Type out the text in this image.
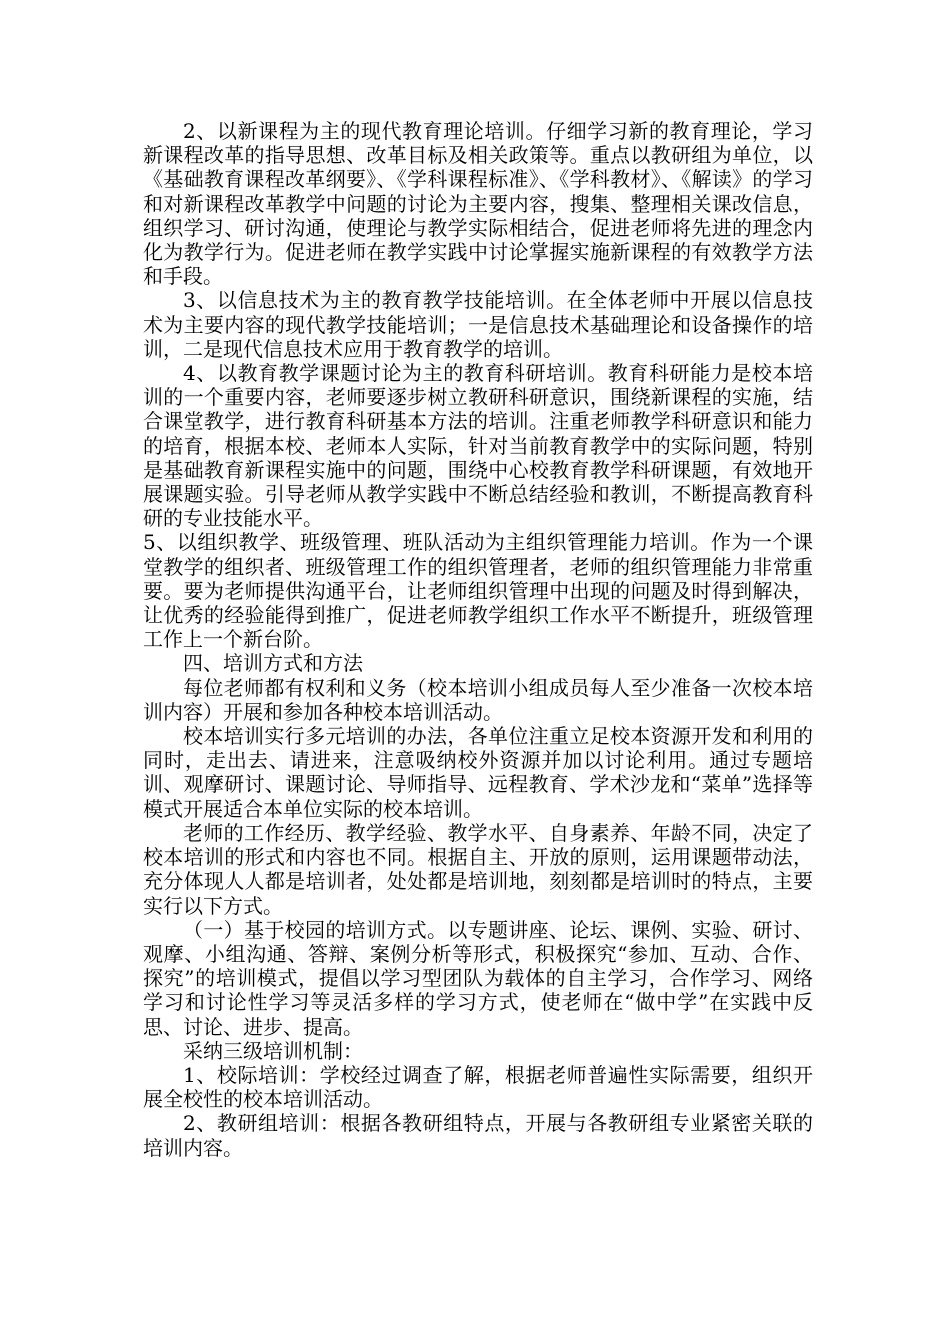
2、以新课程为主的现代教育理论培训。仔细学习新的教育理论，学习新课程改革的指导思想、改革目标及相关政策等。重点以教研组为单位，以《基础教育课程改革纲要》、《学科课程标准》、《学科教材》、《解读》的学习和对新课程改革教学中问题的讨论为主要内容，搜集、整理相关课改信息，组织学习、研讨沟通，使理论与教学实际相结合，促进老师将先进的理念内化为教学行为。促进老师在教学实践中讨论掌握实施新课程的有效教学方法和手段。

3、以信息技术为主的教育教学技能培训。在全体老师中开展以信息技术为主要内容的现代教学技能培训；一是信息技术基础理论和设备操作的培训，二是现代信息技术应用于教育教学的培训。

4、以教育教学课题讨论为主的教育科研培训。教育科研能力是校本培训的一个重要内容，老师要逐步树立教研科研意识，围绕新课程的实施，结合课堂教学，进行教育科研基本方法的培训。注重老师教学科研意识和能力的培育，根据本校、老师本人实际，针对当前教育教学中的实际问题，特别是基础教育新课程实施中的问题，围绕中心校教育教学科研课题，有效地开展课题实验。引导老师从教学实践中不断总结经验和教训，不断提高教育科研的专业技能水平。

5、以组织教学、班级管理、班队活动为主组织管理能力培训。作为一个课堂教学的组织者、班级管理工作的组织管理者，老师的组织管理能力非常重要。要为老师提供沟通平台，让老师组织管理中出现的问题及时得到解决，让优秀的经验能得到推广，促进老师教学组织工作水平不断提升，班级管理工作上一个新台阶。

四、培训方式和方法

每位老师都有权利和义务（校本培训小组成员每人至少准备一次校本培训内容）开展和参加各种校本培训活动。

校本培训实行多元培训的办法，各单位注重立足校本资源开发和利用的同时，走出去、请进来，注意吸纳校外资源并加以讨论利用。通过专题培训、观摩研讨、课题讨论、导师指导、远程教育、学术沙龙和“菜单”选择等模式开展适合本单位实际的校本培训。

老师的工作经历、教学经验、教学水平、自身素养、年龄不同，决定了校本培训的形式和内容也不同。根据自主、开放的原则，运用课题带动法，充分体现人人都是培训者，处处都是培训地，刻刻都是培训时的特点，主要实行以下方式。

（一）基于校园的培训方式。以专题讲座、论坛、课例、实验、研讨、观摩、小组沟通、答辩、案例分析等形式，积极探究“参加、互动、合作、探究”的培训模式，提倡以学习型团队为载体的自主学习，合作学习、网络学习和讨论性学习等灵活多样的学习方式，使老师在“做中学”在实践中反思、讨论、进步、提高。

采纳三级培训机制：

1、校际培训：学校经过调查了解，根据老师普遍性实际需要，组织开展全校性的校本培训活动。

2、教研组培训：根据各教研组特点，开展与各教研组专业紧密关联的培训内容。
